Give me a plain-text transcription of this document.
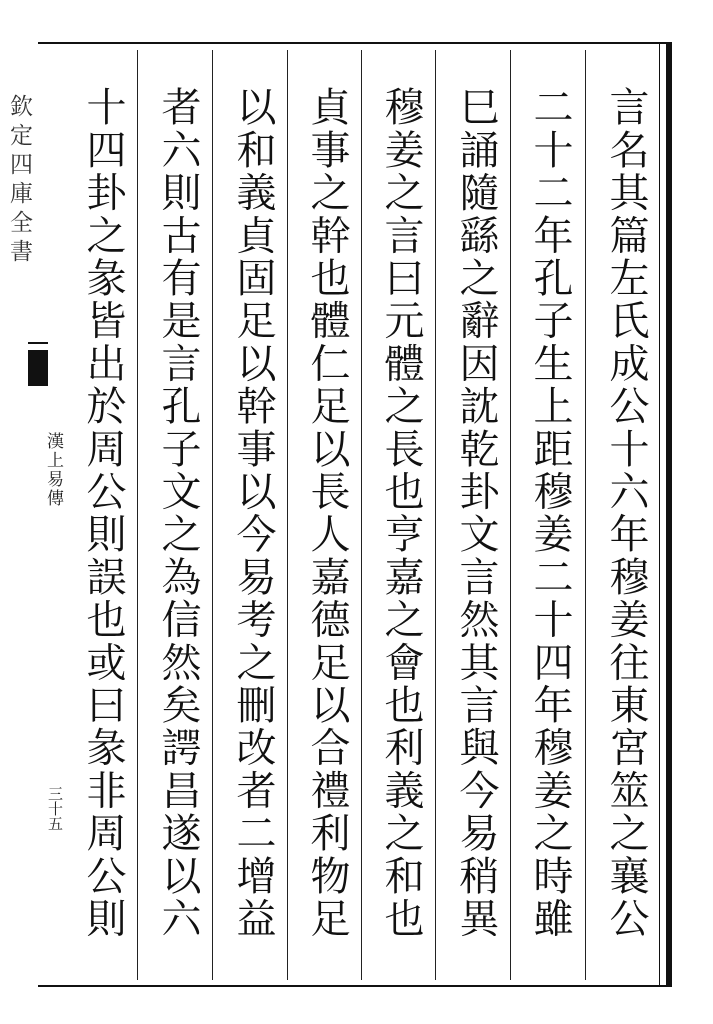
欽定四庫全書
漢上易傳
三十五	言名其篇左氏成公十六年穆姜往東宮筮之襄公
二十二年孔子生上距穆姜二十四年穆姜之時雖
巳誦隨繇之辭因訦乾卦文言然其言與今易稍異
穆姜之言曰元體之長也亨嘉之會也利義之和也
貞事之幹也體仁足以長人嘉德足以合禮利物足
以和義貞固足以幹事以今易考之刪改者二增益
者六則古有是言孔子文之為信然矣諤昌遂以六
十四卦之彖皆出於周公則誤也或曰彖非周公則
